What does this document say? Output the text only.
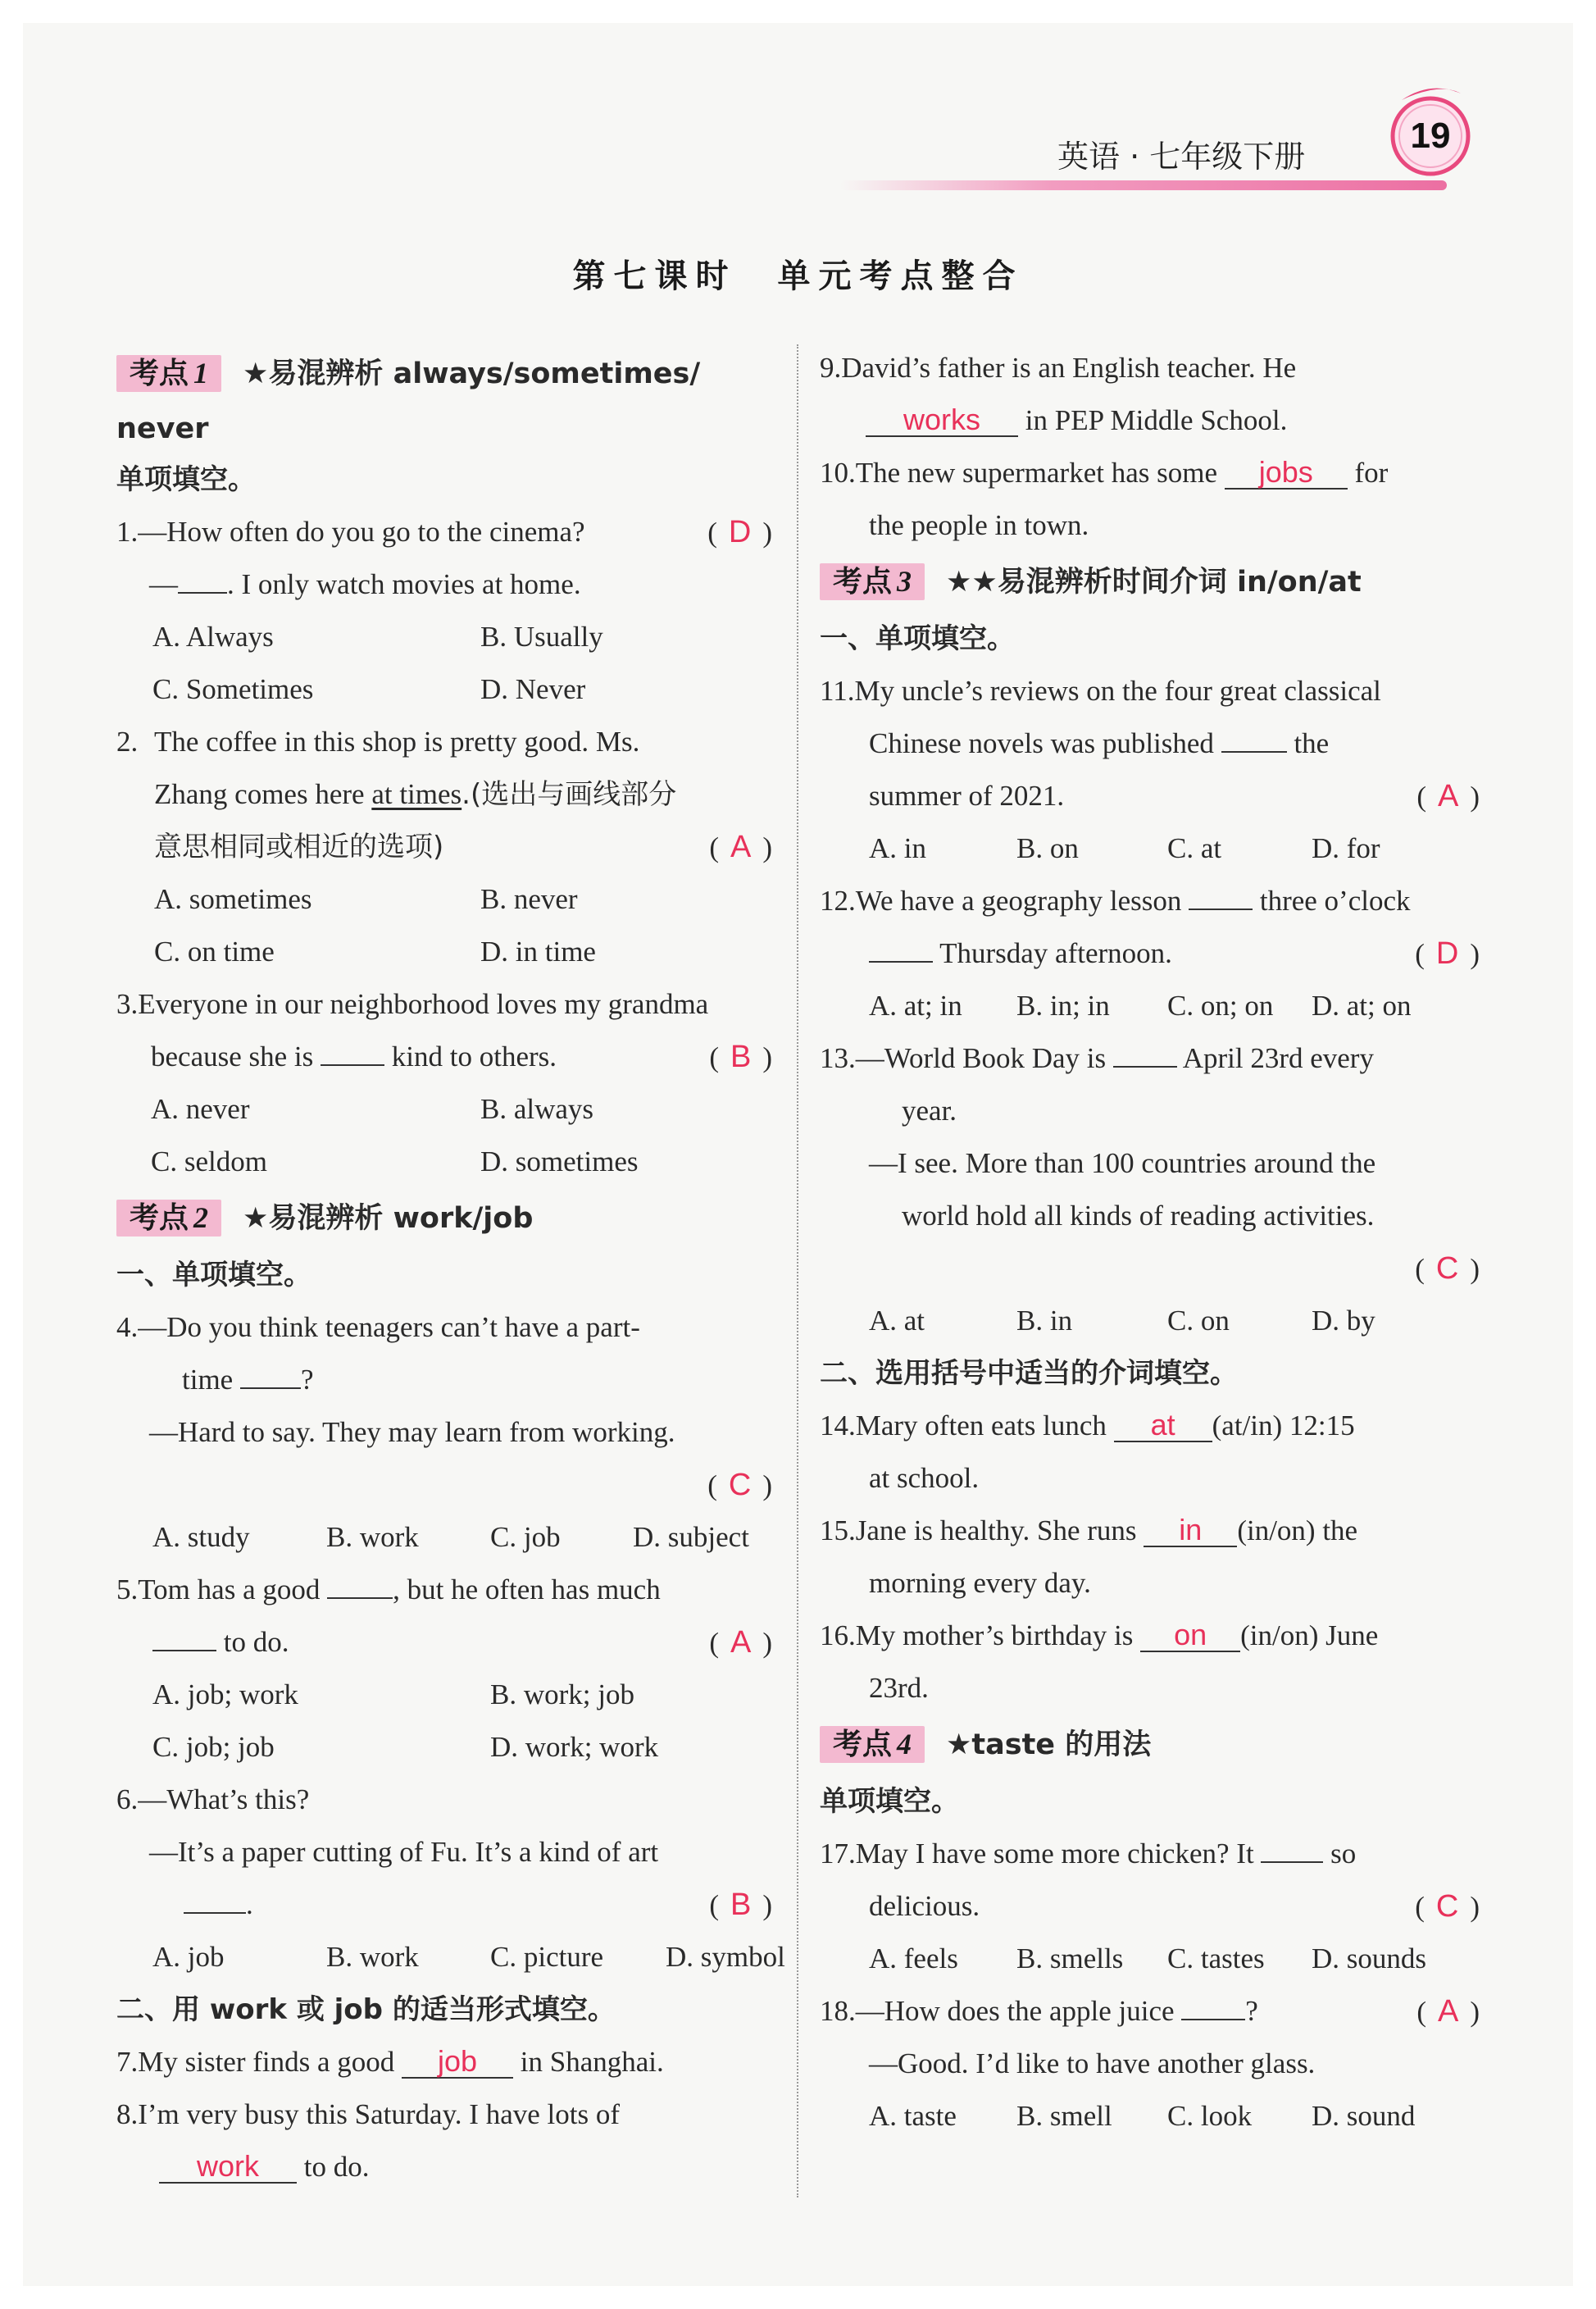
英语 · 七年级下册
19
第七课时　单元考点整合
考点 1 ★易混辨析 always/sometimes/
never
单项填空。
1.—How often do you go to the cinema?	( D )
— . I only watch movies at home.
A. Always	B. Usually
C. Sometimes	D. Never
2. The coffee in this shop is pretty good. Ms.
Zhang comes here at times.(选出与画线部分
意思相同或相近的选项)	( A )
A. sometimes	B. never
C. on time	D. in time
3.Everyone in our neighborhood loves my grandma
because she is  kind to others.	( B )
A. never	B. always
C. seldom	D. sometimes
考点 2 ★易混辨析 work/job
一、单项填空。
4.—Do you think teenagers can’t have a part-
time ?
—Hard to say. They may learn from working.
( C )
A. study	B. work C. job	D. subject
5.Tom has a good , but he often has much
to do.	( A )
A. job; work	B. work; job
C. job; job	D. work; work
6.—What’s this?
—It’s a paper cutting of Fu. It’s a kind of art
.	( B )
A. job	B. work C. picture D. symbol
二、用 work 或 job 的适当形式填空。
7.My sister finds a good job in Shanghai.
8.I’m very busy this Saturday. I have lots of
work to do.
9.David’s father is an English teacher. He
works in PEP Middle School.
10.The new supermarket has some jobs for
the people in town.
考点 3 ★★易混辨析时间介词 in/on/at
一、单项填空。
11.My uncle’s reviews on the four great classical
Chinese novels was published  the
summer of 2021.	( A )
A. in	B. on	C. at	D. for
12.We have a geography lesson  three o’clock
Thursday afternoon.	( D )
A. at; in B. in; in C. on; on D. at; on
13.—World Book Day is  April 23rd every
year.
—I see. More than 100 countries around the
world hold all kinds of reading activities.
( C )
A. at	B. in	C. on	D. by
二、选用括号中适当的介词填空。
14.Mary often eats lunch at (at/in) 12:15
at school.
15.Jane is healthy. She runs in (in/on) the
morning every day.
16.My mother’s birthday is on (in/on) June
23rd.
考点 4 ★taste 的用法
单项填空。
17.May I have some more chicken? It  so
delicious.	( C )
A. feels B. smells C. tastes D. sounds
18.—How does the apple juice ?	( A )
—Good. I’d like to have another glass.
A. taste B. smell C. look D. sound
